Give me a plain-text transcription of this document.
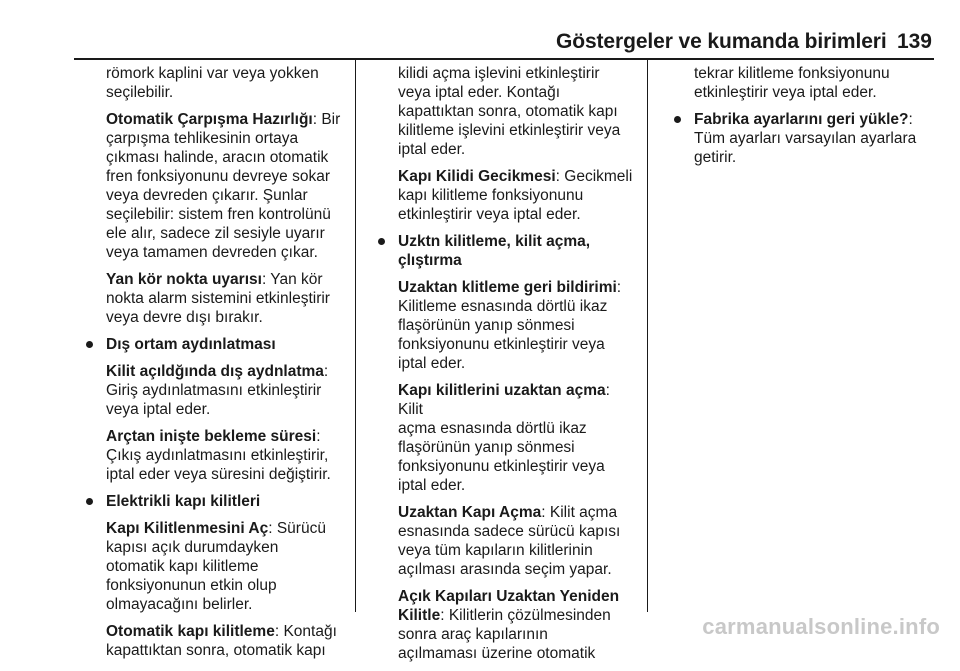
Göstergeler ve kumanda birimleri 139

römork kaplini var veya yokken
seçilebilir.

Otomatik Çarpışma Hazırlığı: Bir
çarpışma tehlikesinin ortaya
çıkması halinde, aracın otomatik
fren fonksiyonunu devreye sokar
veya devreden çıkarır. Şunlar
seçilebilir: sistem fren kontrolünü
ele alır, sadece zil sesiyle uyarır
veya tamamen devreden çıkar.

Yan kör nokta uyarısı: Yan kör
nokta alarm sistemini etkinleştirir
veya devre dışı bırakır.

Dış ortam aydınlatması

Kilit açıldğında dış aydnlatma:
Giriş aydınlatmasını etkinleştirir
veya iptal eder.

Arçtan inişte bekleme süresi:
Çıkış aydınlatmasını etkinleştirir,
iptal eder veya süresini değiştirir.

Elektrikli kapı kilitleri

Kapı Kilitlenmesini Aç: Sürücü
kapısı açık durumdayken
otomatik kapı kilitleme
fonksiyonunun etkin olup
olmayacağını belirler.

Otomatik kapı kilitleme: Kontağı
kapattıktan sonra, otomatik kapı

kilidi açma işlevini etkinleştirir
veya iptal eder. Kontağı
kapattıktan sonra, otomatik kapı
kilitleme işlevini etkinleştirir veya
iptal eder.

Kapı Kilidi Gecikmesi: Gecikmeli
kapı kilitleme fonksiyonunu
etkinleştirir veya iptal eder.

Uzktn kilitleme, kilit açma,
çlıştırma

Uzaktan klitleme geri bildirimi:
Kilitleme esnasında dörtlü ikaz
flaşörünün yanıp sönmesi
fonksiyonunu etkinleştirir veya
iptal eder.

Kapı kilitlerini uzaktan açma: Kilit
açma esnasında dörtlü ikaz
flaşörünün yanıp sönmesi
fonksiyonunu etkinleştirir veya
iptal eder.

Uzaktan Kapı Açma: Kilit açma
esnasında sadece sürücü kapısı
veya tüm kapıların kilitlerinin
açılması arasında seçim yapar.

Açık Kapıları Uzaktan Yeniden
Kilitle: Kilitlerin çözülmesinden
sonra araç kapılarının
açılmaması üzerine otomatik

tekrar kilitleme fonksiyonunu
etkinleştirir veya iptal eder.

Fabrika ayarlarını geri yükle?:
Tüm ayarları varsayılan ayarlara
getirir.
carmanualsonline.info
